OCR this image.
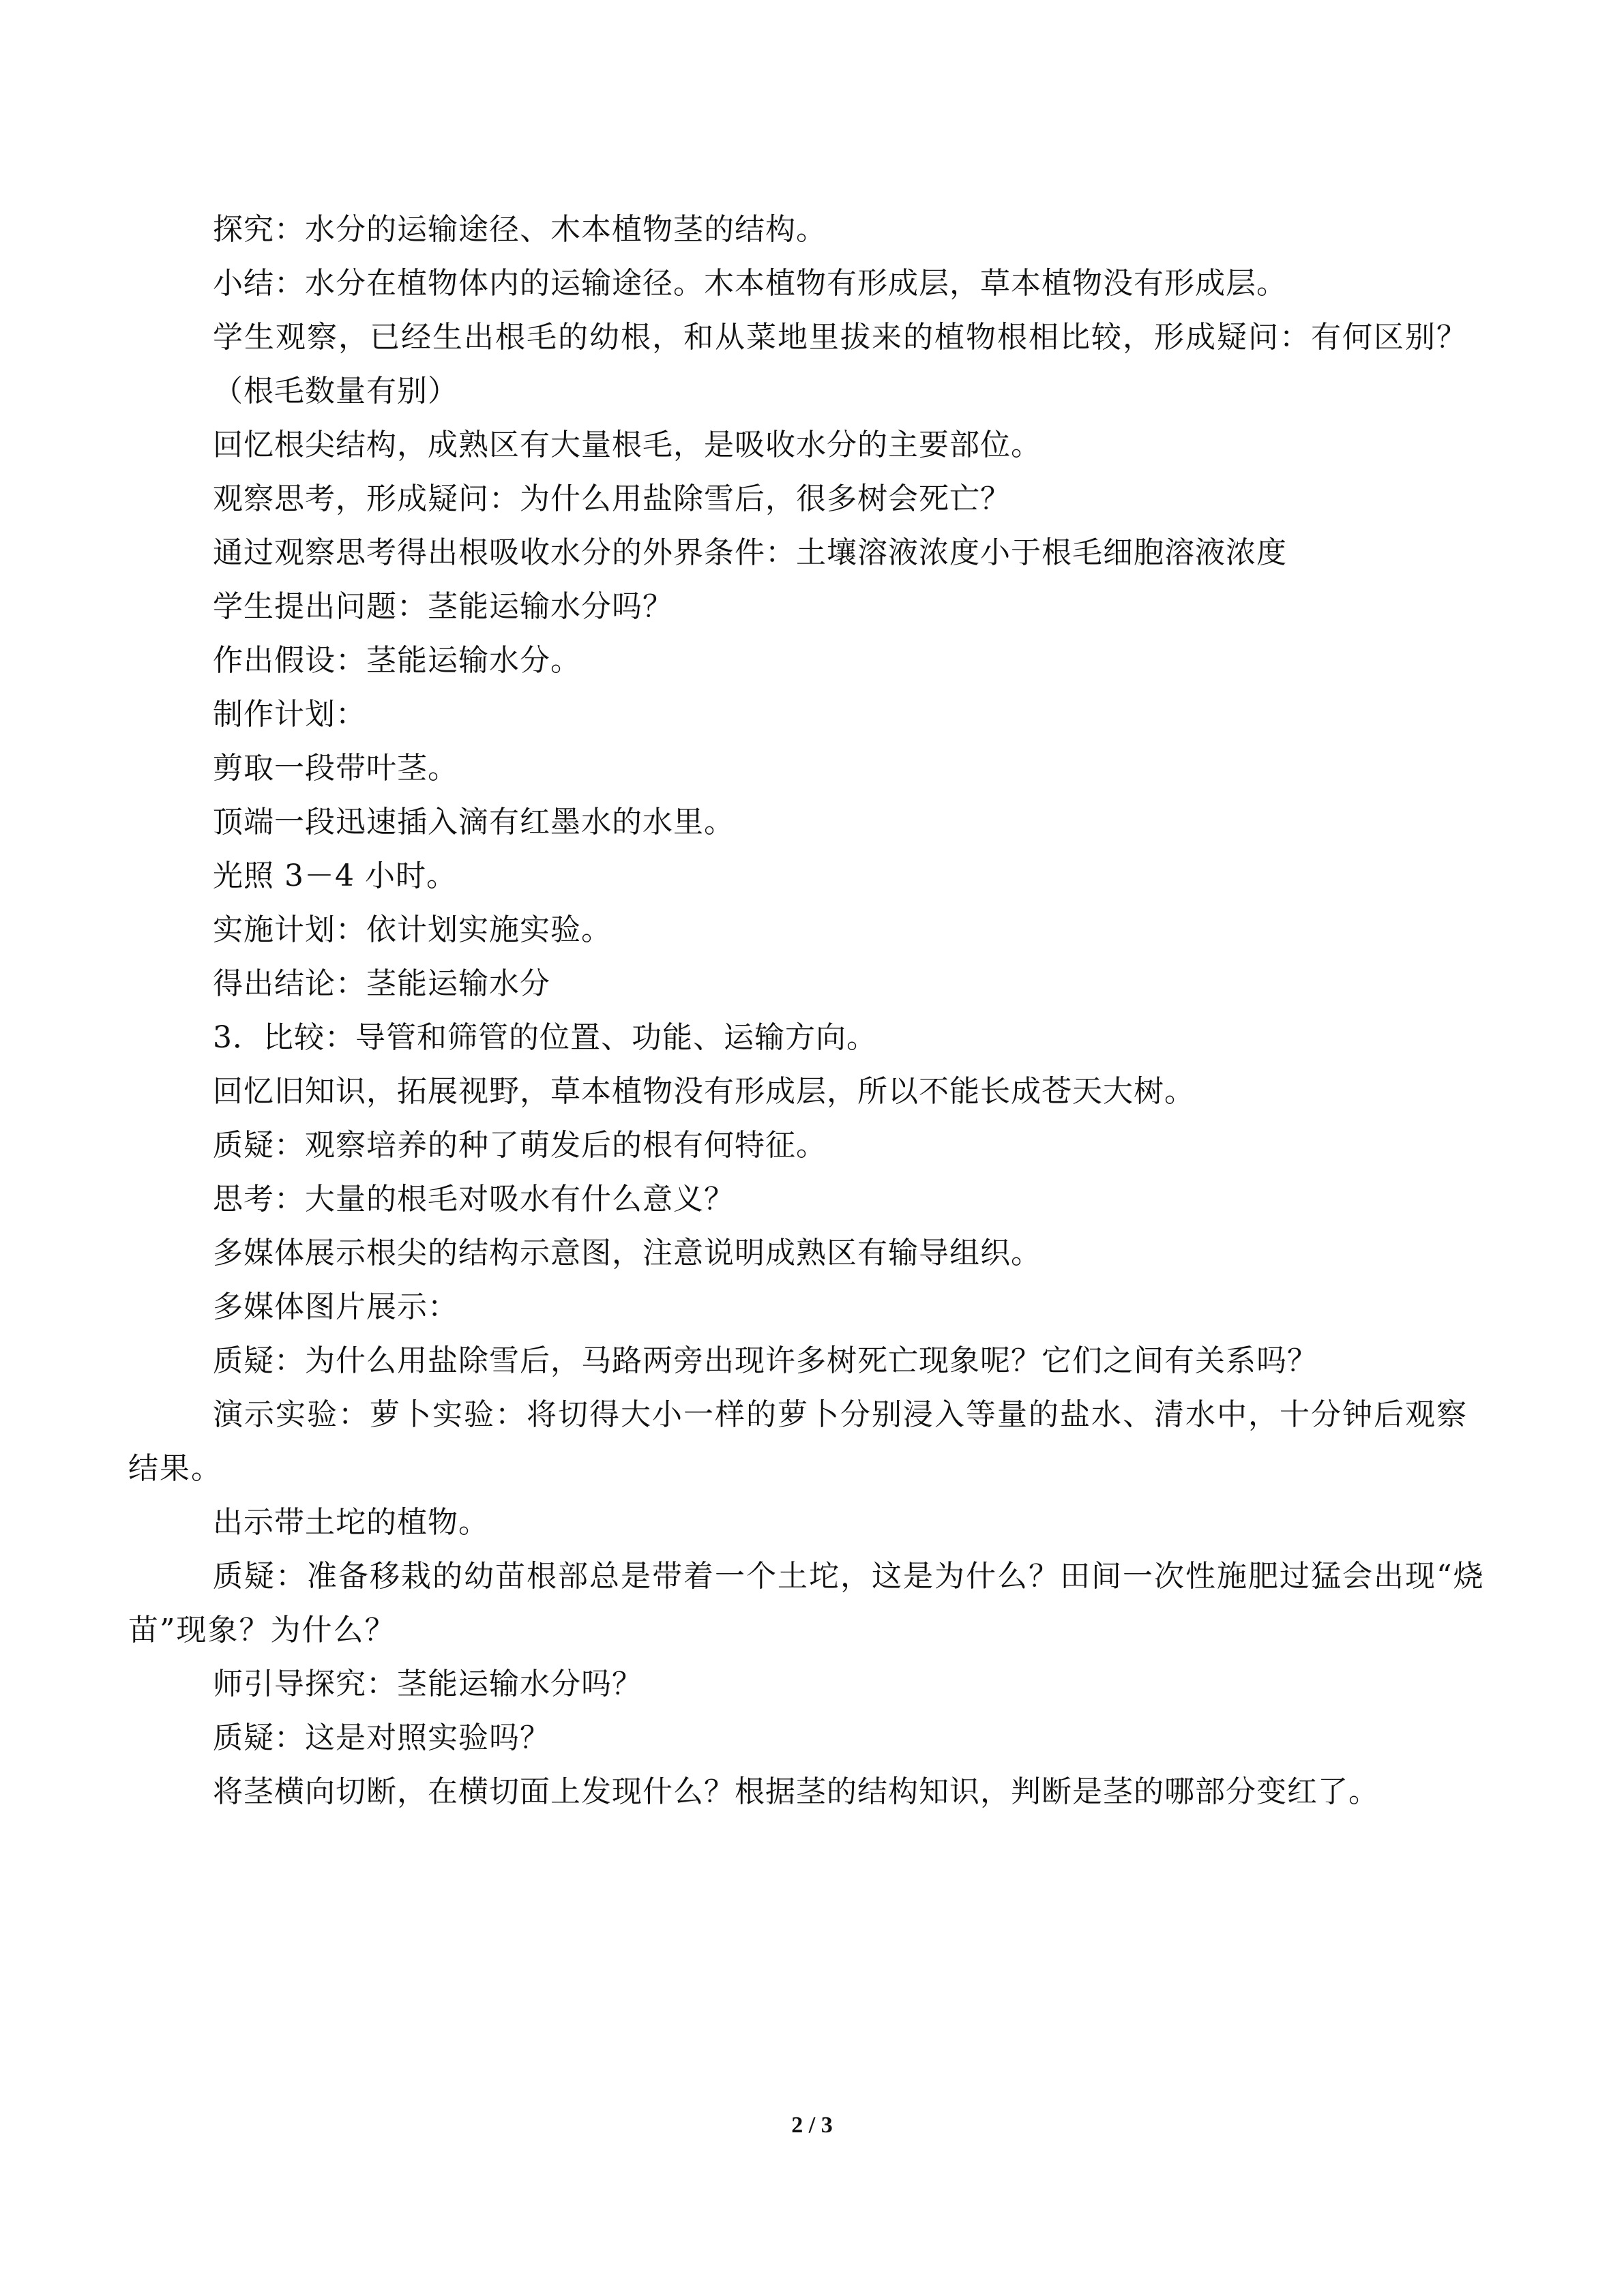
探究：水分的运输途径、木本植物茎的结构。

小结：水分在植物体内的运输途径。木本植物有形成层，草本植物没有形成层。

学生观察，已经生出根毛的幼根，和从菜地里拔来的植物根相比较，形成疑问：有何区别？

（根毛数量有别）

回忆根尖结构，成熟区有大量根毛，是吸收水分的主要部位。

观察思考，形成疑问：为什么用盐除雪后，很多树会死亡？

通过观察思考得出根吸收水分的外界条件：土壤溶液浓度小于根毛细胞溶液浓度

学生提出问题：茎能运输水分吗？

作出假设：茎能运输水分。

制作计划：

剪取一段带叶茎。

顶端一段迅速插入滴有红墨水的水里。

光照 3－4 小时。

实施计划：依计划实施实验。

得出结论：茎能运输水分

3．比较：导管和筛管的位置、功能、运输方向。

回忆旧知识，拓展视野，草本植物没有形成层，所以不能长成苍天大树。

质疑：观察培养的种了萌发后的根有何特征。

思考：大量的根毛对吸水有什么意义？

多媒体展示根尖的结构示意图，注意说明成熟区有输导组织。

多媒体图片展示：

质疑：为什么用盐除雪后，马路两旁出现许多树死亡现象呢？它们之间有关系吗？

演示实验：萝卜实验：将切得大小一样的萝卜分别浸入等量的盐水、清水中，十分钟后观察结果。

出示带土坨的植物。

质疑：准备移栽的幼苗根部总是带着一个土坨，这是为什么？田间一次性施肥过猛会出现“烧苗”现象？为什么？

师引导探究：茎能运输水分吗？

质疑：这是对照实验吗？

将茎横向切断，在横切面上发现什么？根据茎的结构知识，判断是茎的哪部分变红了。

2 / 3
